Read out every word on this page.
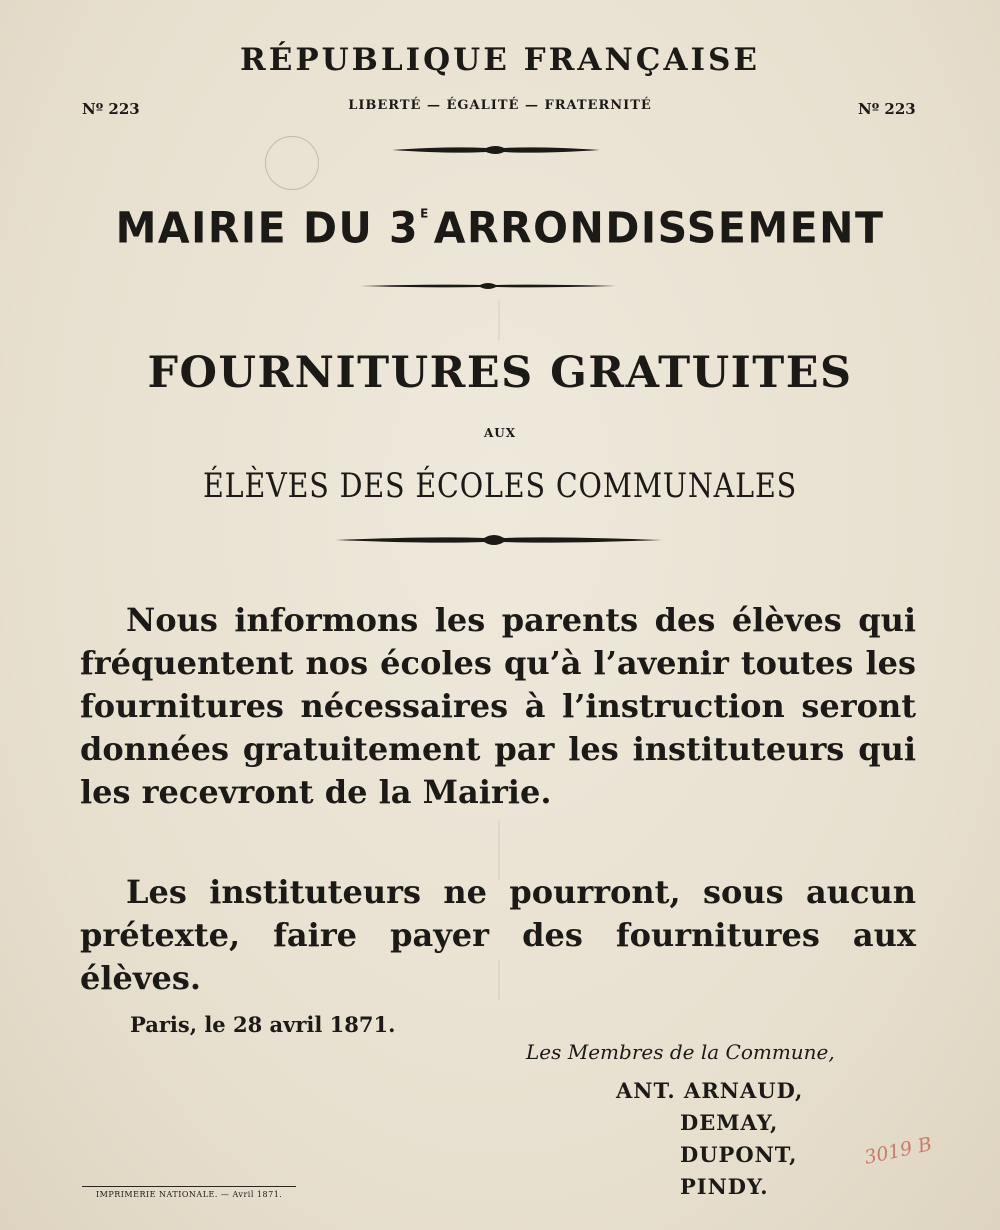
RÉPUBLIQUE FRANÇAISE
Nº 223	LIBERTÉ — ÉGALITÉ — FRATERNITÉ	Nº 223
MAIRIE DU $3^EARRONDISSEMENT$
FOURNITURES GRATUITES
AUX
ÉLÈVES DES ÉCOLES COMMUNALES

Nous informons les parents des élèves qui fréquentent nos écoles qu’à l’avenir toutes les fournitures nécessaires à l’instruction seront données gratuitement par les instituteurs qui les recevront de la Mairie.

Les instituteurs ne pourront, sous aucun prétexte, faire payer des fournitures aux élèves.

Paris, le 28 avril 1871.
Les Membres de la Commune,
ANT. ARNAUD,
DEMAY,
DUPONT,
PINDY.
3019 B
IMPRIMERIE NATIONALE. — Avril 1871.
